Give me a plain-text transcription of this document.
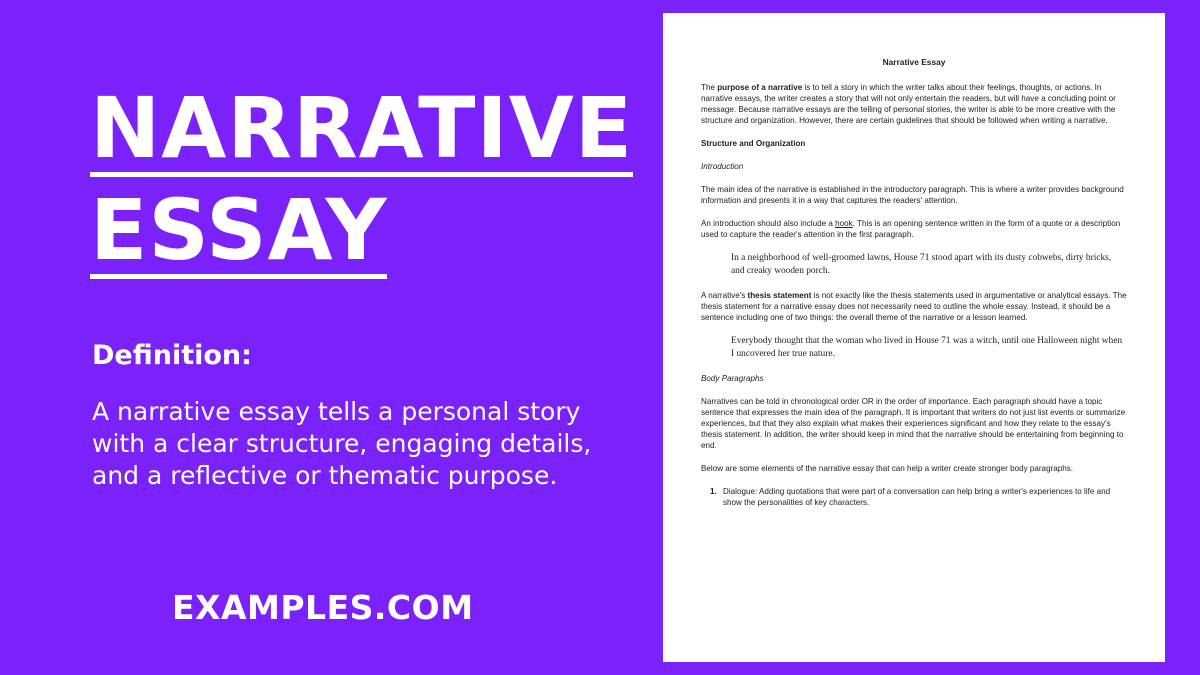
NARRATIVE
ESSAY
Definition:
A narrative essay tells a personal story with a clear structure, engaging details, and a reflective or thematic purpose.
EXAMPLES.COM
Narrative Essay

The purpose of a narrative is to tell a story in which the writer talks about their feelings, thoughts, or actions. In narrative essays, the writer creates a story that will not only entertain the readers, but will have a concluding point or message. Because narrative essays are the telling of personal stories, the writer is able to be more creative with the structure and organization. However, there are certain guidelines that should be followed when writing a narrative.

Structure and Organization
Introduction

The main idea of the narrative is established in the introductory paragraph. This is where a writer provides background information and presents it in a way that captures the readers' attention.

An introduction should also include a hook. This is an opening sentence written in the form of a quote or a description used to capture the reader's attention in the first paragraph.

In a neighborhood of well-groomed lawns, House 71 stood apart with its dusty cobwebs, dirty bricks, and creaky wooden porch.

A narrative's thesis statement is not exactly like the thesis statements used in argumentative or analytical essays. The thesis statement for a narrative essay does not necessarily need to outline the whole essay. Instead, it should be a sentence including one of two things: the overall theme of the narrative or a lesson learned.

Everybody thought that the woman who lived in House 71 was a witch, until one Halloween night when I uncovered her true nature.
Body Paragraphs

Narratives can be told in chronological order OR in the order of importance. Each paragraph should have a topic sentence that expresses the main idea of the paragraph. It is important that writers do not just list events or summarize experiences, but that they also explain what makes their experiences significant and how they relate to the essay's thesis statement. In addition, the writer should keep in mind that the narrative should be entertaining from beginning to end.

Below are some elements of the narrative essay that can help a writer create stronger body paragraphs.

1. Dialogue: Adding quotations that were part of a conversation can help bring a writer's experiences to life and show the personalities of key characters.
